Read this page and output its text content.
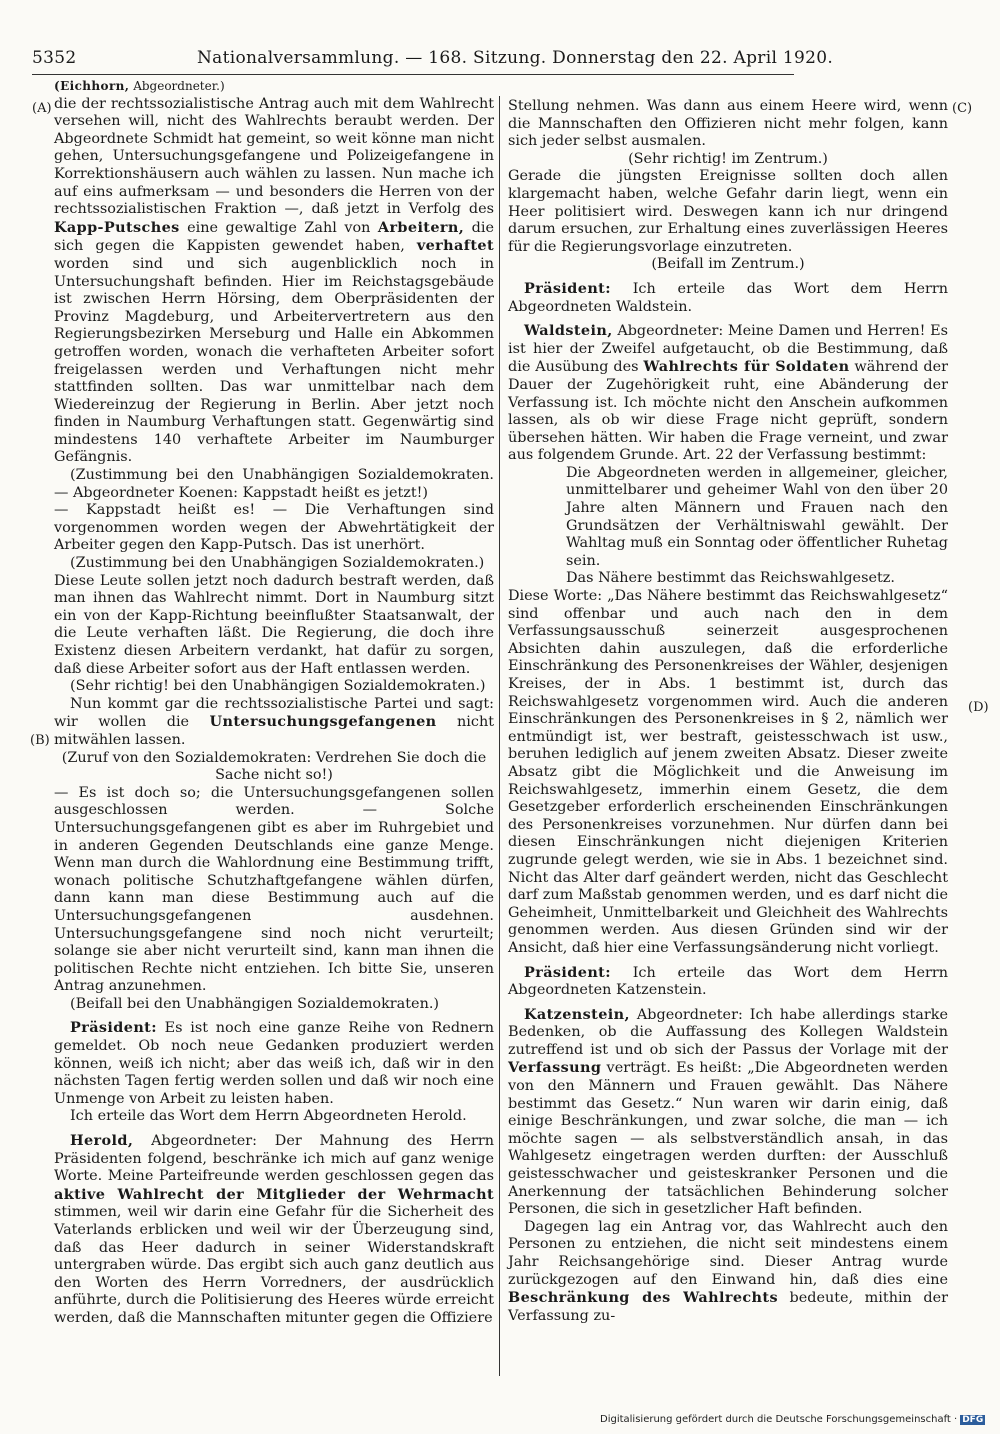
5352	Nationalversammlung. — 168. Sitzung. Donnerstag den 22. April 1920.
(A)
(B)
(C)
(D)

(Eichhorn, Abgeordneter.)

die der rechtssozialistische Antrag auch mit dem Wahlrecht versehen will, nicht des Wahlrechts beraubt werden. Der Abgeordnete Schmidt hat gemeint, so weit könne man nicht gehen, Untersuchungsgefangene und Polizeigefangene in Korrektionshäusern auch wählen zu lassen. Nun mache ich auf eins aufmerksam — und besonders die Herren von der rechtssozialistischen Fraktion —, daß jetzt in Verfolg des Kapp-Putsches eine gewaltige Zahl von Arbeitern, die sich gegen die Kappisten gewendet haben, verhaftet worden sind und sich augenblicklich noch in Untersuchungshaft befinden. Hier im Reichstagsgebäude ist zwischen Herrn Hörsing, dem Oberpräsidenten der Provinz Magdeburg, und Arbeitervertretern aus den Regierungsbezirken Merseburg und Halle ein Abkommen getroffen worden, wonach die verhafteten Arbeiter sofort freigelassen werden und Verhaftungen nicht mehr stattfinden sollten. Das war unmittelbar nach dem Wiedereinzug der Regierung in Berlin. Aber jetzt noch finden in Naumburg Verhaftungen statt. Gegenwärtig sind mindestens 140 verhaftete Arbeiter im Naumburger Gefängnis.

(Zustimmung bei den Unabhängigen Sozialdemokraten. — Abgeordneter Koenen: Kappstadt heißt es jetzt!)

— Kappstadt heißt es! — Die Verhaftungen sind vorgenommen worden wegen der Abwehrtätigkeit der Arbeiter gegen den Kapp-Putsch. Das ist unerhört.

(Zustimmung bei den Unabhängigen Sozialdemokraten.)

Diese Leute sollen jetzt noch dadurch bestraft werden, daß man ihnen das Wahlrecht nimmt. Dort in Naumburg sitzt ein von der Kapp-Richtung beeinflußter Staatsanwalt, der die Leute verhaften läßt. Die Regierung, die doch ihre Existenz diesen Arbeitern verdankt, hat dafür zu sorgen, daß diese Arbeiter sofort aus der Haft entlassen werden.

(Sehr richtig! bei den Unabhängigen Sozialdemokraten.)

Nun kommt gar die rechtssozialistische Partei und sagt: wir wollen die Untersuchungsgefangenen nicht mitwählen lassen.

(Zuruf von den Sozialdemokraten: Verdrehen Sie doch die Sache nicht so!)

— Es ist doch so; die Untersuchungsgefangenen sollen ausgeschlossen werden. — Solche Untersuchungsgefangenen gibt es aber im Ruhrgebiet und in anderen Gegenden Deutschlands eine ganze Menge. Wenn man durch die Wahlordnung eine Bestimmung trifft, wonach politische Schutzhaftgefangene wählen dürfen, dann kann man diese Bestimmung auch auf die Untersuchungsgefangenen ausdehnen. Untersuchungsgefangene sind noch nicht verurteilt; solange sie aber nicht verurteilt sind, kann man ihnen die politischen Rechte nicht entziehen. Ich bitte Sie, unseren Antrag anzunehmen.

(Beifall bei den Unabhängigen Sozialdemokraten.)

Präsident: Es ist noch eine ganze Reihe von Rednern gemeldet. Ob noch neue Gedanken produziert werden können, weiß ich nicht; aber das weiß ich, daß wir in den nächsten Tagen fertig werden sollen und daß wir noch eine Unmenge von Arbeit zu leisten haben.

Ich erteile das Wort dem Herrn Abgeordneten Herold.

Herold, Abgeordneter: Der Mahnung des Herrn Präsidenten folgend, beschränke ich mich auf ganz wenige Worte. Meine Parteifreunde werden geschlossen gegen das aktive Wahlrecht der Mitglieder der Wehrmacht stimmen, weil wir darin eine Gefahr für die Sicherheit des Vaterlands erblicken und weil wir der Überzeugung sind, daß das Heer dadurch in seiner Widerstandskraft untergraben würde. Das ergibt sich auch ganz deutlich aus den Worten des Herrn Vorredners, der ausdrücklich anführte, durch die Politisierung des Heeres würde erreicht werden, daß die Mannschaften mitunter gegen die Offiziere

Stellung nehmen. Was dann aus einem Heere wird, wenn die Mannschaften den Offizieren nicht mehr folgen, kann sich jeder selbst ausmalen.

(Sehr richtig! im Zentrum.)

Gerade die jüngsten Ereignisse sollten doch allen klargemacht haben, welche Gefahr darin liegt, wenn ein Heer politisiert wird. Deswegen kann ich nur dringend darum ersuchen, zur Erhaltung eines zuverlässigen Heeres für die Regierungsvorlage einzutreten.

(Beifall im Zentrum.)

Präsident: Ich erteile das Wort dem Herrn Abgeordneten Waldstein.

Waldstein, Abgeordneter: Meine Damen und Herren! Es ist hier der Zweifel aufgetaucht, ob die Bestimmung, daß die Ausübung des Wahlrechts für Soldaten während der Dauer der Zugehörigkeit ruht, eine Abänderung der Verfassung ist. Ich möchte nicht den Anschein aufkommen lassen, als ob wir diese Frage nicht geprüft, sondern übersehen hätten. Wir haben die Frage verneint, und zwar aus folgendem Grunde. Art. 22 der Verfassung bestimmt:

Die Abgeordneten werden in allgemeiner, gleicher, unmittelbarer und geheimer Wahl von den über 20 Jahre alten Männern und Frauen nach den Grundsätzen der Verhältniswahl gewählt. Der Wahltag muß ein Sonntag oder öffentlicher Ruhetag sein.

Das Nähere bestimmt das Reichswahlgesetz.

Diese Worte: „Das Nähere bestimmt das Reichswahlgesetz“ sind offenbar und auch nach den in dem Verfassungsausschuß seinerzeit ausgesprochenen Absichten dahin auszulegen, daß die erforderliche Einschränkung des Personenkreises der Wähler, desjenigen Kreises, der in Abs. 1 bestimmt ist, durch das Reichswahlgesetz vorgenommen wird. Auch die anderen Einschränkungen des Personenkreises in § 2, nämlich wer entmündigt ist, wer bestraft, geistesschwach ist usw., beruhen lediglich auf jenem zweiten Absatz. Dieser zweite Absatz gibt die Möglichkeit und die Anweisung im Reichswahlgesetz, immerhin einem Gesetz, die dem Gesetzgeber erforderlich erscheinenden Einschränkungen des Personenkreises vorzunehmen. Nur dürfen dann bei diesen Einschränkungen nicht diejenigen Kriterien zugrunde gelegt werden, wie sie in Abs. 1 bezeichnet sind. Nicht das Alter darf geändert werden, nicht das Geschlecht darf zum Maßstab genommen werden, und es darf nicht die Geheimheit, Unmittelbarkeit und Gleichheit des Wahlrechts genommen werden. Aus diesen Gründen sind wir der Ansicht, daß hier eine Verfassungsänderung nicht vorliegt.

Präsident: Ich erteile das Wort dem Herrn Abgeordneten Katzenstein.

Katzenstein, Abgeordneter: Ich habe allerdings starke Bedenken, ob die Auffassung des Kollegen Waldstein zutreffend ist und ob sich der Passus der Vorlage mit der Verfassung verträgt. Es heißt: „Die Abgeordneten werden von den Männern und Frauen gewählt. Das Nähere bestimmt das Gesetz.“ Nun waren wir darin einig, daß einige Beschränkungen, und zwar solche, die man — ich möchte sagen — als selbstverständlich ansah, in das Wahlgesetz eingetragen werden durften: der Ausschluß geistesschwacher und geisteskranker Personen und die Anerkennung der tatsächlichen Behinderung solcher Personen, die sich in gesetzlicher Haft befinden.

Dagegen lag ein Antrag vor, das Wahlrecht auch den Personen zu entziehen, die nicht seit mindestens einem Jahr Reichsangehörige sind. Dieser Antrag wurde zurückgezogen auf den Einwand hin, daß dies eine Beschränkung des Wahlrechts bedeute, mithin der Verfassung zu-

Digitalisierung gefördert durch die Deutsche Forschungsgemeinschaft · DFG
